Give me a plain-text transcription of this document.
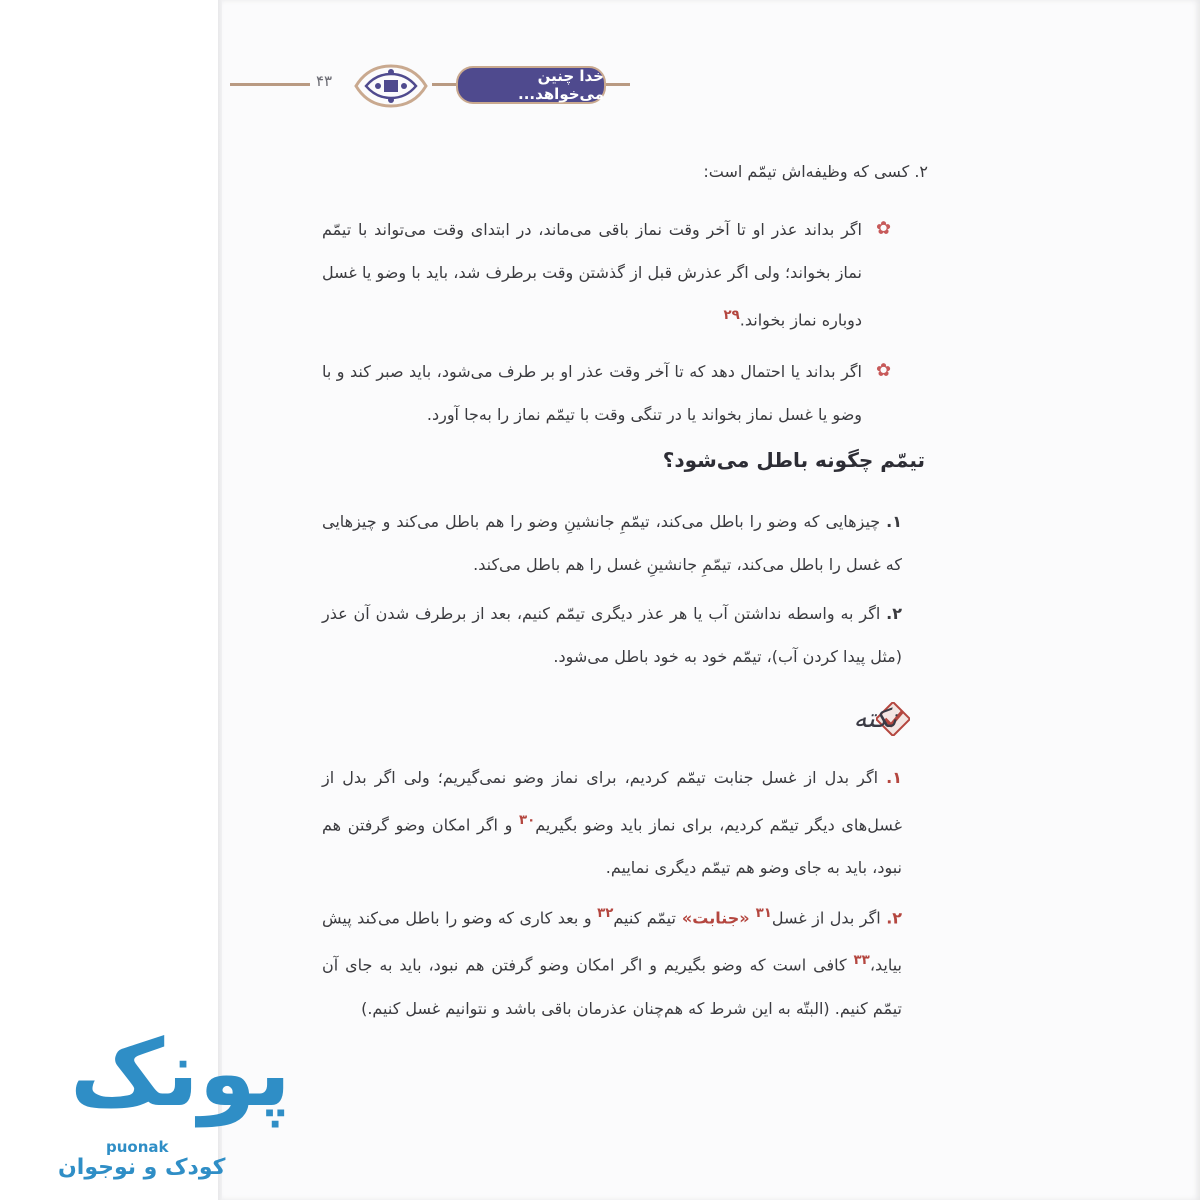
۴۳	خدا چنین می‌خواهد...
۲. کسی که وظیفه‌اش تیمّم است:
✿
اگر بداند عذر او تا آخر وقت نماز باقی می‌ماند، در ابتدای وقت می‌تواند با تیمّم نماز بخواند؛ ولی اگر عذرش قبل از گذشتن وقت برطرف شد، باید با وضو یا غسل دوباره نماز بخواند.$^{۲۹}$
✿
اگر بداند یا احتمال دهد که تا آخر وقت عذر او بر طرف می‌شود، باید صبر کند و با وضو یا غسل نماز بخواند یا در تنگی وقت با تیمّم نماز را به‌جا آورد.
تیمّم چگونه باطل می‌شود؟
۱. چیزهایی که وضو را باطل می‌کند، تیمّمِ جانشینِ وضو را هم باطل می‌کند و چیزهایی که غسل را باطل می‌کند، تیمّمِ جانشینِ غسل را هم باطل می‌کند.
۲. اگر به واسطه نداشتن آب یا هر عذر دیگری تیمّم کنیم، بعد از برطرف شدن آن عذر (مثل پیدا کردن آب)، تیمّم خود به خود باطل می‌شود.
نکته
۱. اگر بدل از غسل جنابت تیمّم کردیم، برای نماز وضو نمی‌گیریم؛ ولی اگر بدل از غسل‌های دیگر تیمّم کردیم، برای نماز باید وضو بگیریم$^{۳۰}$ و اگر امکان وضو گرفتن هم نبود، باید به جای وضو هم تیمّم دیگری نماییم.
۲. اگر بدل از غسل$^{۳۱}$ «جنابت» تیمّم کنیم$^{۳۲}$ و بعد کاری که وضو را باطل می‌کند پیش بیاید،$^{۳۳}$ کافی است که وضو بگیریم و اگر امکان وضو گرفتن هم نبود، باید به جای آن تیمّم کنیم. (البتّه به این شرط که هم‌چنان عذرمان باقی باشد و نتوانیم غسل کنیم.)
پونک
puonak
کودک و نوجوان
